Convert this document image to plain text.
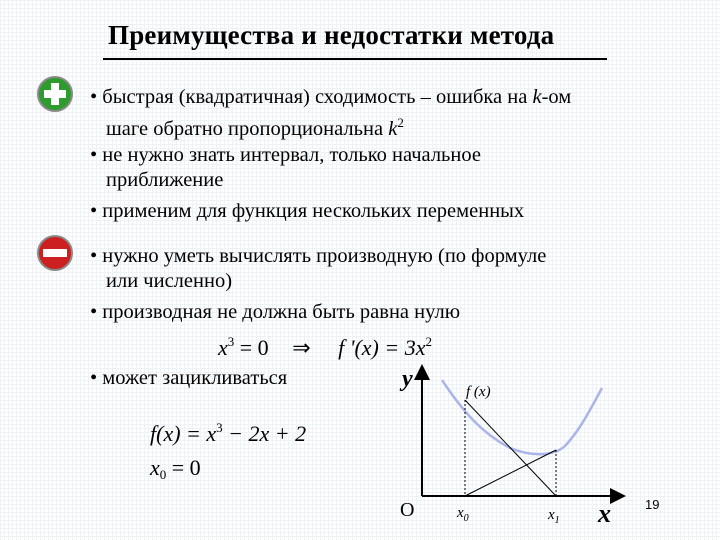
Преимущества и недостатки метода
• быстрая (квадратичная) сходимость – ошибка на k-ом
шаге обратно пропорциональна $k^2$
• не нужно знать интервал, только начальное
приближение
• применим для функция нескольких переменных
• нужно уметь вычислять производную (по формуле
или численно)
• производная не должна быть равна нулю
• может зацикливаться
$x^3 = 0$ ⇒ f '$(x) = 3x^2$
$f(x) = x^3 - 2x + 2$
$x_0 = 0$
y
x
O
f (x)
$x_0$	$x_1$
19
